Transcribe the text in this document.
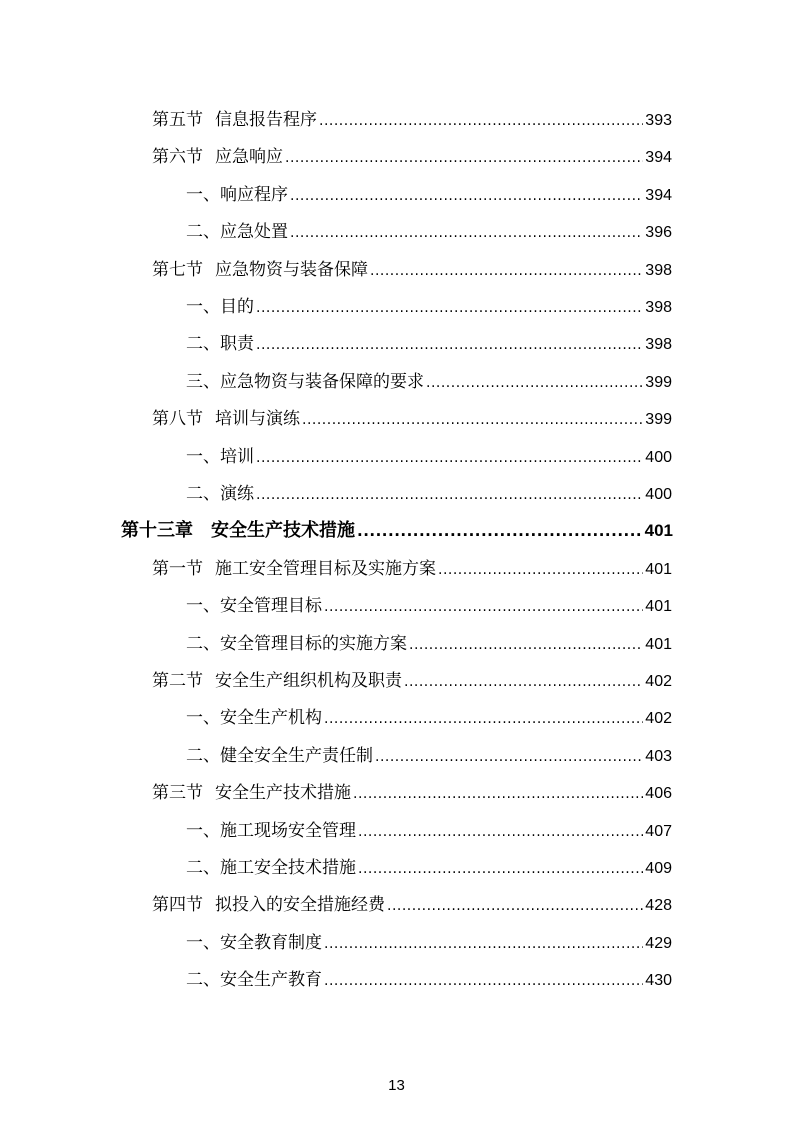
第五节 信息报告程序 .....	393
第六节 应急响应 .....	394
一、 响应程序 .....	394
二、 应急处置 .....	396
第七节 应急物资与装备保障 .....	398
一、 目的 .....	398
二、 职责 .....	398
三、 应急物资与装备保障的要求 .....	399
第八节 培训与演练 .....	399
一、 培训 .....	400
二、 演练 .....	400
第十三章 安全生产技术措施 .....	401
第一节 施工安全管理目标及实施方案 .....	401
一、 安全管理目标 .....	401
二、 安全管理目标的实施方案 .....	401
第二节 安全生产组织机构及职责 .....	402
一、 安全生产机构 .....	402
二、 健全安全生产责任制 .....	403
第三节 安全生产技术措施 .....	406
一、 施工现场安全管理 .....	407
二、 施工安全技术措施 .....	409
第四节 拟投入的安全措施经费 .....	428
一、 安全教育制度 .....	429
二、 安全生产教育 .....	430
13
